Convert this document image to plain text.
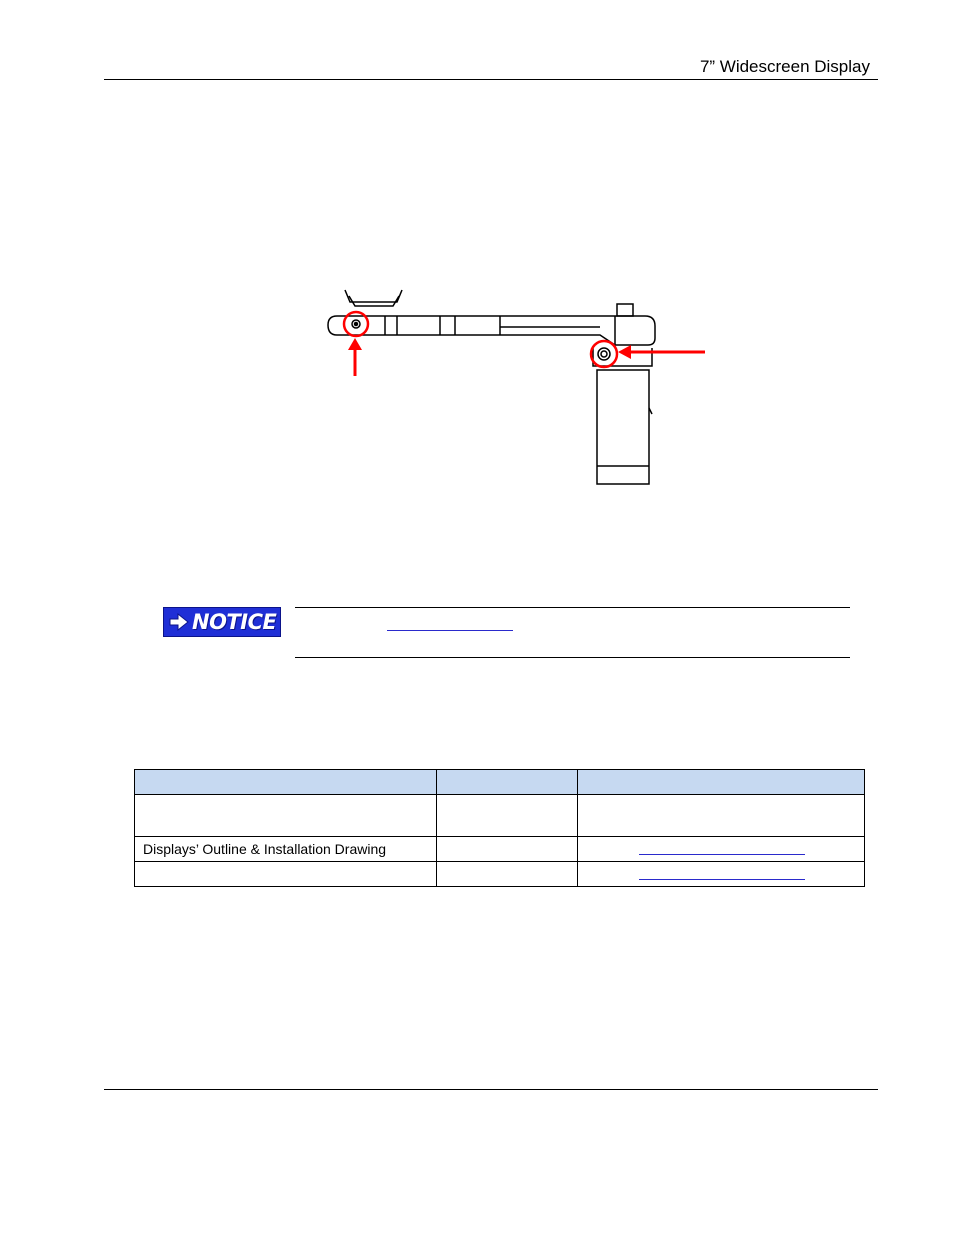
7” Widescreen Display
NOTICE

Displays’ Outline & Installation Drawing		
